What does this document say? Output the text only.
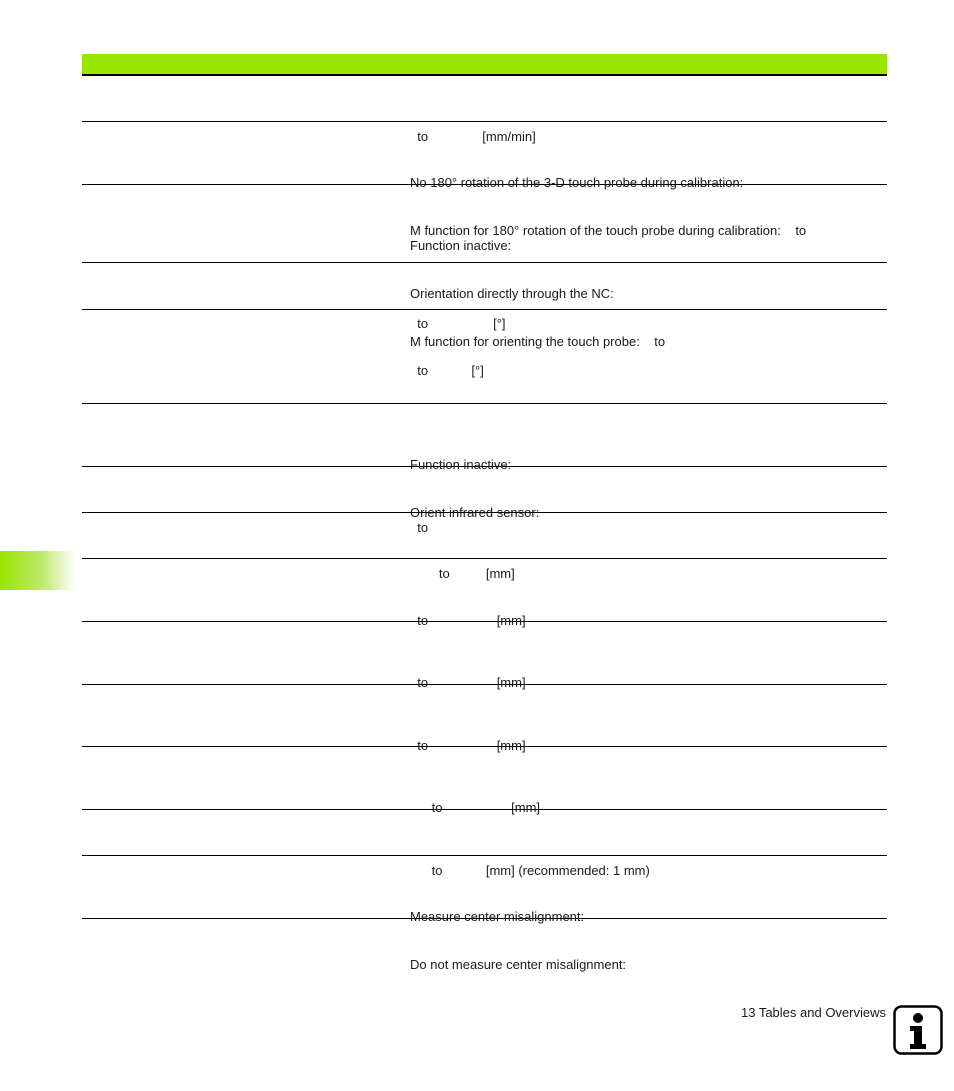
to               [mm/min]

No 180° rotation of the 3-D touch probe during calibration:

M function for 180° rotation of the touch probe during calibration:    to

Function inactive:

Orientation directly through the NC:

M function for orienting the touch probe:    to

to                  [°]

to            [°]

Function inactive:

Orient infrared sensor:

to

to          [mm]

to                   [mm]

to                   [mm]

to                   [mm]

to                   [mm]

to            [mm] (recommended: 1 mm)

Measure center misalignment:

Do not measure center misalignment:

13 Tables and Overviews
